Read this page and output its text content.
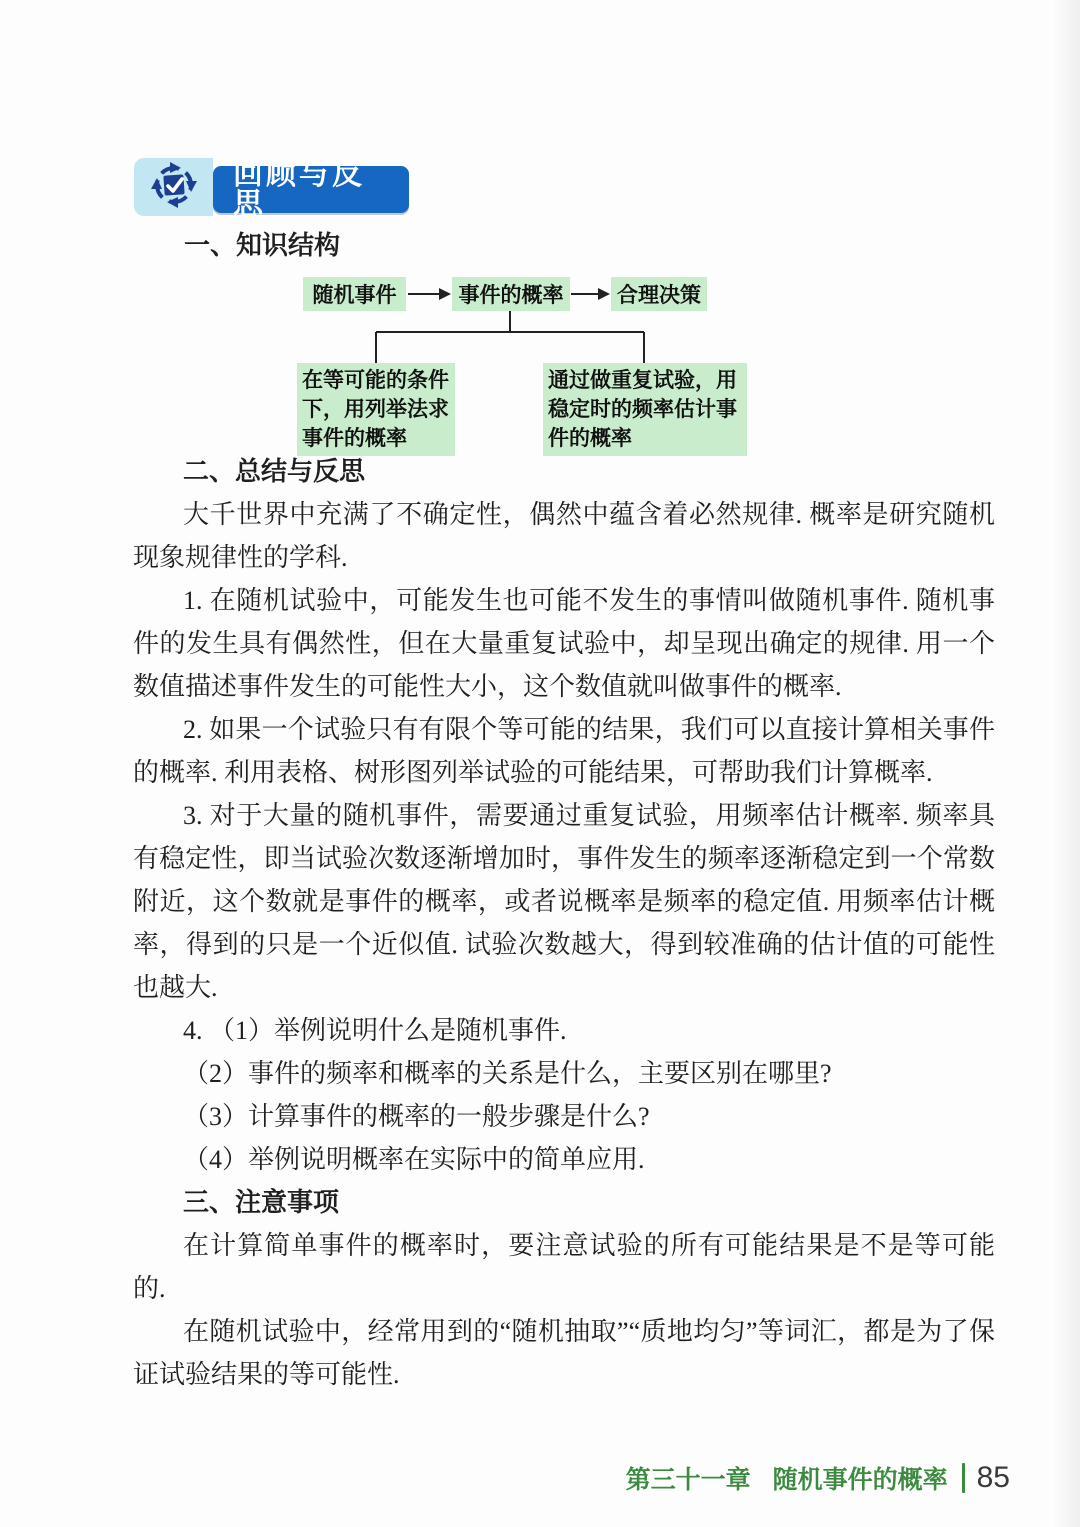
回顾与反思
一、知识结构
随机事件	事件的概率	合理决策
在等可能的条件下，用列举法求事件的概率
通过做重复试验，用稳定时的频率估计事件的概率
二、总结与反思

大千世界中充满了不确定性，偶然中蕴含着必然规律. 概率是研究随机现象规律性的学科.

1. 在随机试验中，可能发生也可能不发生的事情叫做随机事件. 随机事件的发生具有偶然性，但在大量重复试验中，却呈现出确定的规律. 用一个数值描述事件发生的可能性大小，这个数值就叫做事件的概率.

2. 如果一个试验只有有限个等可能的结果，我们可以直接计算相关事件的概率. 利用表格、树形图列举试验的可能结果，可帮助我们计算概率.

3. 对于大量的随机事件，需要通过重复试验，用频率估计概率. 频率具有稳定性，即当试验次数逐渐增加时，事件发生的频率逐渐稳定到一个常数附近，这个数就是事件的概率，或者说概率是频率的稳定值. 用频率估计概率，得到的只是一个近似值. 试验次数越大，得到较准确的估计值的可能性也越大.

4. （1）举例说明什么是随机事件.

（2）事件的频率和概率的关系是什么，主要区别在哪里?

（3）计算事件的概率的一般步骤是什么?

（4）举例说明概率在实际中的简单应用.

三、注意事项

在计算简单事件的概率时，要注意试验的所有可能结果是不是等可能的.

在随机试验中，经常用到的“随机抽取”“质地均匀”等词汇，都是为了保证试验结果的等可能性.

第三十一章 随机事件的概率 85
